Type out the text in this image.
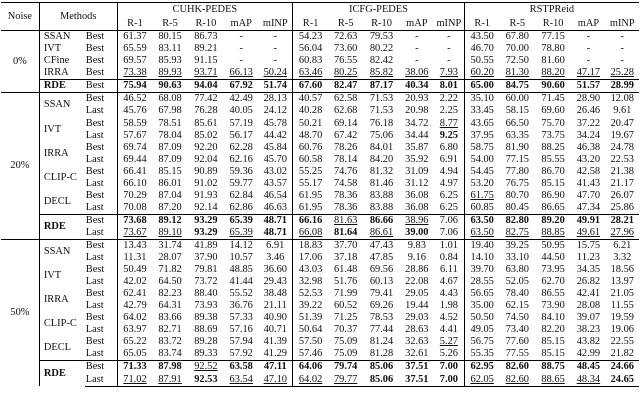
Noise	Methods		CUHK-PEDES					ICFG-PEDES					RSTPReid				
			R-1	R-5	R-10	mAP	mINP	R-1	R-5	R-10	mAP	mINP	R-1	R-5	R-10	mAP	mINP
0%	SSAN	Best	61.37	80.15	86.73	-	-	54.23	72.63	79.53	-	-	43.50	67.80	77.15	-	-
	IVT	Best	65.59	83.11	89.21	-	-	56.04	73.60	80.22	-	-	46.70	70.00	78.80	-	-
	CFine	Best	69.57	85.93	91.15	-	-	60.83	76.55	82.42	-	-	50.55	72.50	81.60	-	-
	IRRA	Best	73.38	89.93	93.71	66.13	50.24	63.46	80.25	85.82	38.06	7.93	60.20	81.30	88.20	47.17	25.28
	RDE	Best	75.94	90.63	94.04	67.92	51.74	67.60	82.47	87.17	40.34	8.01	65.00	84.75	90.60	51.57	28.99
20%	SSAN	Best	46.52	68.08	77.42	42.49	28.13	40.57	62.58	71.53	20.93	2.22	35.10	60.00	71.45	28.90	12.08
		Last	45.76	67.98	76.28	40.05	24.12	40.28	62.68	71.53	20.98	2.25	33.45	58.15	69.60	26.46	9.61
	IVT	Best	58.59	78.51	85.61	57.19	45.78	50.21	69.14	76.18	34.72	8.77	43.65	66.50	75.70	37.22	20.47
		Last	57.67	78.04	85.02	56.17	44.42	48.70	67.42	75.06	34.44	9.25	37.95	63.35	73.75	34.24	19.67
	IRRA	Best	69.74	87.09	92.20	62.28	45.84	60.76	78.26	84.01	35.87	6.80	58.75	81.90	88.25	46.38	24.78
		Last	69.44	87.09	92.04	62.16	45.70	60.58	78.14	84.20	35.92	6.91	54.00	77.15	85.55	43.20	22.53
	CLIP-C	Best	66.41	85.15	90.89	59.36	43.02	55.25	74.76	81.32	31.09	4.94	54.45	77.80	86.70	42.58	21.38
		Last	66.10	86.01	91.02	59.77	43.57	55.17	74.58	81.46	31.12	4.97	53.20	76.75	85.15	41.43	21.17
	DECL	Best	70.29	87.04	91.93	62.84	46.54	61.95	78.36	83.88	36.08	6.25	61.75	80.70	86.90	47.70	26.07
		Last	70.08	87.20	92.14	62.86	46.63	61.95	78.36	83.88	36.08	6.25	60.85	80.45	86.65	47.34	25.86
	RDE	Best	73.68	89.12	93.29	65.39	48.71	66.16	81.63	86.66	38.96	7.06	63.50	82.80	89.20	49.91	28.21
		Last	73.67	89.10	93.29	65.39	48.71	66.08	81.64	86.61	39.00	7.06	63.50	82.75	88.85	49.61	27.96
50%	SSAN	Best	13.43	31.74	41.89	14.12	6.91	18.83	37.70	47.43	9.83	1.01	19.40	39.25	50.95	15.75	6.21
		Last	11.31	28.07	37.90	10.57	3.46	17.06	37.18	47.85	9.16	0.84	14.10	33.10	44.50	11.23	3.32
	IVT	Best	50.49	71.82	79.81	48.85	36.60	43.03	61.48	69.56	28.86	6.11	39.70	63.80	73.95	34.35	18.56
		Last	42.02	64.50	73.72	41.44	29.43	32.98	51.76	60.13	22.08	4.67	28.55	52.05	62.70	26.82	13.97
	IRRA	Best	62.41	82.23	88.40	55.52	38.48	52.53	71.99	79.41	29.05	4.43	56.65	78.40	86.55	42.41	21.05
		Last	42.79	64.31	73.93	36.76	21.11	39.22	60.52	69.26	19.44	1.98	35.00	62.15	73.90	28.08	11.55
	CLIP-C	Best	64.02	83.66	89.38	57.33	40.90	51.39	71.25	78.53	29.03	4.52	50.50	74.50	84.10	39.07	19.59
		Last	63.97	82.71	88.69	57.16	40.71	50.64	70.37	77.44	28.63	4.41	49.05	73.40	82.20	38.23	19.06
	DECL	Best	65.22	83.72	89.28	57.94	41.39	57.50	75.09	81.24	32.63	5.27	56.75	77.60	85.15	43.82	22.55
		Last	65.05	83.74	89.33	57.92	41.29	57.46	75.09	81.28	32.61	5.26	55.35	77.55	85.15	42.99	21.82
	RDE	Best	71.33	87.98	92.52	63.58	47.11	64.06	79.74	85.06	37.51	7.00	62.95	82.60	88.75	48.45	24.66
		Last	71.02	87.91	92.53	63.54	47.10	64.02	79.77	85.06	37.51	7.00	62.05	82.60	88.65	48.34	24.65
